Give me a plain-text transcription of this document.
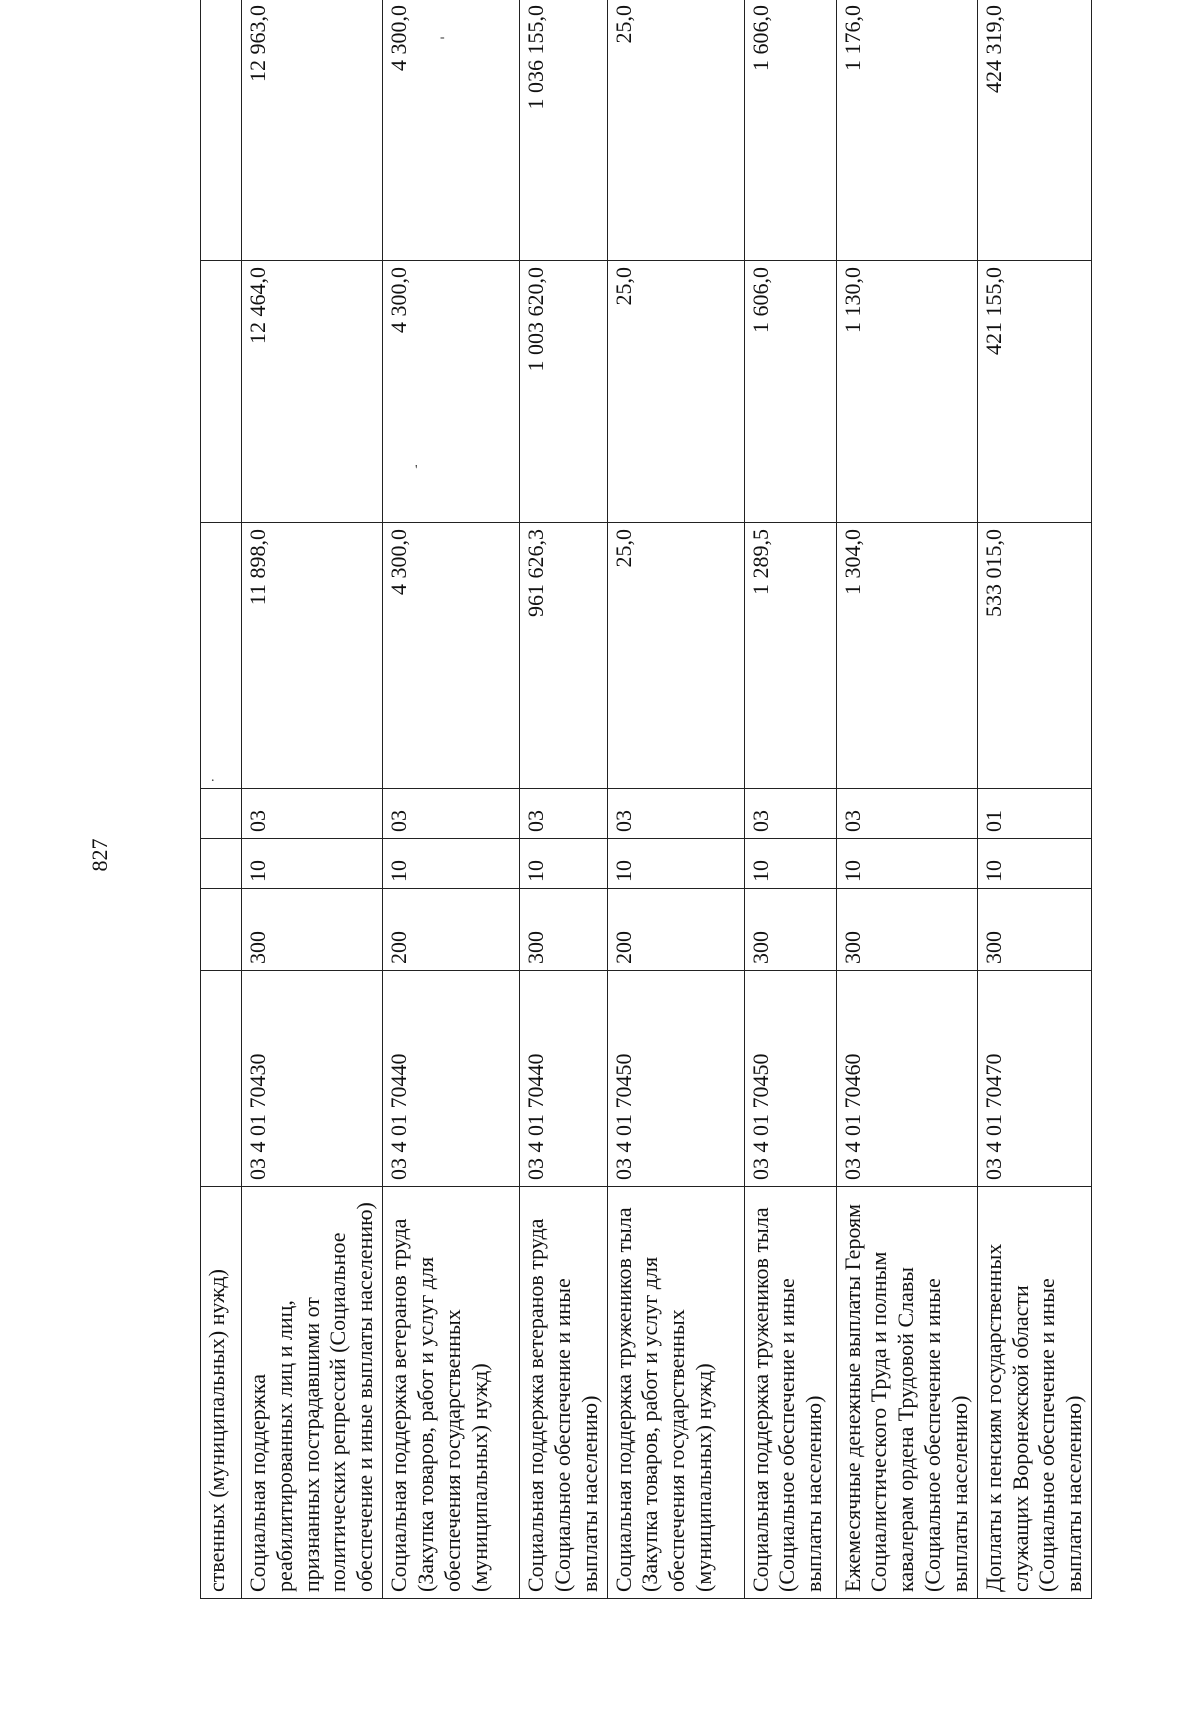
827
-
ственных (муниципальных) нужд)							
Социальная поддержка реабилитированных лиц и лиц, признанных пострадавшими от политических репрессий (Социальное обеспечение и иные выплаты населению)	03 4 01 70430	300	10	03	11 898,0	12 464,0	12 963,0
Социальная поддержка ветеранов труда (Закупка товаров, работ и услуг для обеспечения государственных (муниципальных) нужд)	03 4 01 70440	200	10	03	4 300,0	4 300,0	4 300,0
Социальная поддержка ветеранов труда (Социальное обеспечение и иные выплаты населению)	03 4 01 70440	300	10	03	961 626,3	1 003 620,0	1 036 155,0
Социальная поддержка тружеников тыла (Закупка товаров, работ и услуг для обеспечения государственных (муниципальных) нужд)	03 4 01 70450	200	10	03	25,0	25,0	25,0
Социальная поддержка тружеников тыла (Социальное обеспечение и иные выплаты населению)	03 4 01 70450	300	10	03	1 289,5	1 606,0	1 606,0
Ежемесячные денежные выплаты Героям Социалистического Труда и полным кавалерам ордена Трудовой Славы (Социальное обеспечение и иные выплаты населению)	03 4 01 70460	300	10	03	1 304,0	1 130,0	1 176,0
Доплаты к пенсиям государственных служащих Воронежской области (Социальное обеспечение и иные выплаты населению)	03 4 01 70470	300	10	01	533 015,0	421 155,0	424 319,0
'
.
